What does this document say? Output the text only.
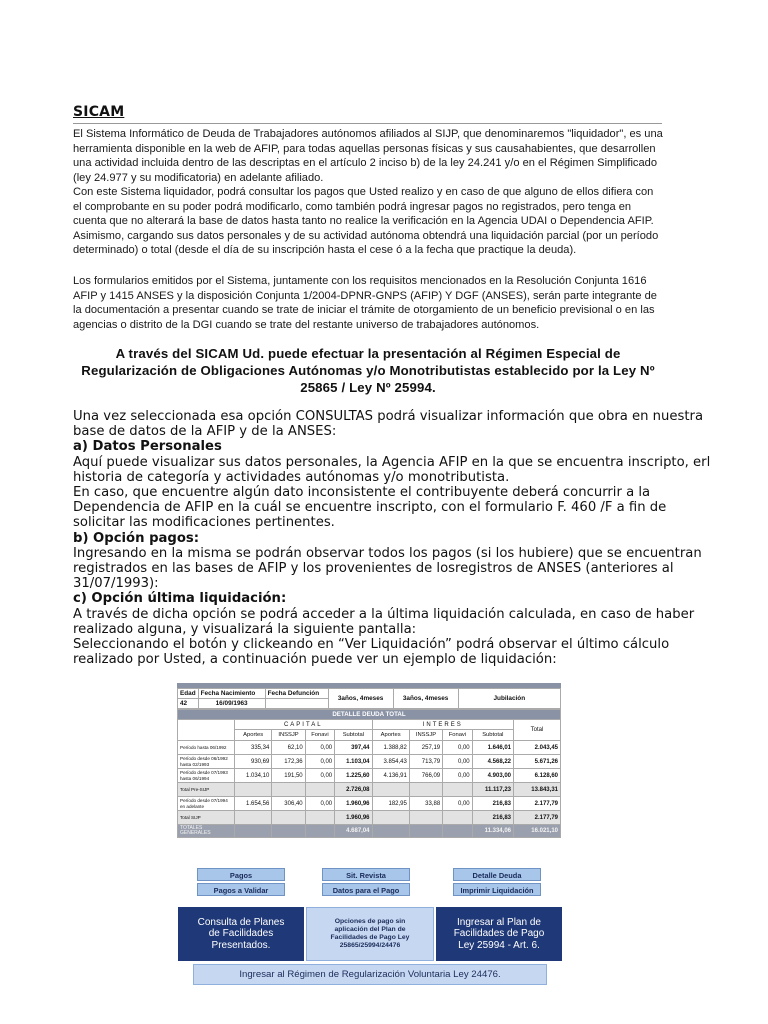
SICAM

El Sistema Informático de Deuda de Trabajadores autónomos afiliados al SIJP, que denominaremos "liquidador", es una herramienta disponible en la web de AFIP, para todas aquellas personas físicas y sus causahabientes, que desarrollen una actividad incluida dentro de las descriptas en el artículo 2 inciso b) de la ley 24.241 y/o en el Régimen Simplificado (ley 24.977 y su modificatoria) en adelante afiliado.

Con este Sistema liquidador, podrá consultar los pagos que Usted realizo y en caso de que alguno de ellos difiera con el comprobante en su poder podrá modificarlo, como también podrá ingresar pagos no registrados, pero tenga en cuenta que no alterará la base de datos hasta tanto no realice la verificación en la Agencia UDAI o Dependencia AFIP.

Asimismo, cargando sus datos personales y de su actividad autónoma obtendrá una liquidación parcial (por un período determinado) o total (desde el día de su inscripción hasta el cese ó a la fecha que practique la deuda).

Los formularios emitidos por el Sistema, juntamente con los requisitos mencionados en la Resolución Conjunta 1616 AFIP y 1415 ANSES y la disposición Conjunta 1/2004-DPNR-GNPS (AFIP) Y DGF (ANSES), serán parte integrante de la documentación a presentar cuando se trate de iniciar el trámite de otorgamiento de un beneficio previsional o en las agencias o distrito de la DGI cuando se trate del restante universo de trabajadores autónomos.

A través del SICAM Ud. puede efectuar la presentación al Régimen Especial de Regularización de Obligaciones Autónomas y/o Monotributistas establecido por la Ley Nº 25865 / Ley Nº 25994.

Una vez seleccionada esa opción CONSULTAS podrá visualizar información que obra en nuestra base de datos de la AFIP y de la ANSES:

a) Datos Personales

Aquí puede visualizar sus datos personales, la Agencia AFIP en la que se encuentra inscripto, erl historia de categoría y actividades autónomas y/o monotributista.

En caso, que encuentre algún dato inconsistente el contribuyente deberá concurrir a la Dependencia de AFIP en la cuál se encuentre inscripto, con el formulario F. 460 /F a fin de solicitar las modificaciones pertinentes.

b) Opción pagos:

Ingresando en la misma se podrán observar todos los pagos (si los hubiere) que se encuentran registrados en las bases de AFIP y los provenientes de losregistros de ANSES (anteriores al 31/07/1993):

c) Opción última liquidación:

A través de dicha opción se podrá acceder a la última liquidación calculada, en caso de haber realizado alguna, y visualizará la siguiente pantalla:

Seleccionando el botón y clickeando en “Ver Liquidación” podrá observar el último cálculo realizado por Usted, a continuación puede ver un ejemplo de liquidación:

Edad	Fecha Nacimiento	Fecha Defunción	3años, 4meses	3años, 4meses	Jubilación
42	16/09/1963				
DETALLE DEUDA TOTAL									
	CAPITAL				INTERES				Total
	Aportes	INSSJP	Fonavi	Subtotal	Aportes	INSSJP	Fonavi	Subtotal	
Período hasta 06/1992	335,34	62,10	0,00	397,44	1.388,82	257,19	0,00	1.646,01	2.043,45
Período desde 06/1992 hasta 02/1993	930,69	172,36	0,00	1.103,04	3.854,43	713,79	0,00	4.568,22	5.671,26
Período desde 07/1993 hasta 06/1994	1.034,10	191,50	0,00	1.225,60	4.136,91	766,09	0,00	4.903,00	6.128,60
Total Pre-SIJP				2.726,08				11.117,23	13.843,31
Período desde 07/1994 en adelante	1.654,56	306,40	0,00	1.960,96	182,95	33,88	0,00	216,83	2.177,79
Total SIJP				1.960,96				216,83	2.177,79
TOTALES GENERALES				4.687,04				11.334,06	16.021,10
Pagos
Pagos a Validar
Sit. Revista
Datos para el Pago
Detalle Deuda
Imprimir Liquidación
Consulta de Planes de Facilidades Presentados.
Opciones de pago sin aplicación del Plan de Facilidades de Pago Ley 25865/25994/24476
Ingresar al Plan de Facilidades de Pago Ley 25994 - Art. 6.
Ingresar al Régimen de Regularización Voluntaria Ley 24476.
